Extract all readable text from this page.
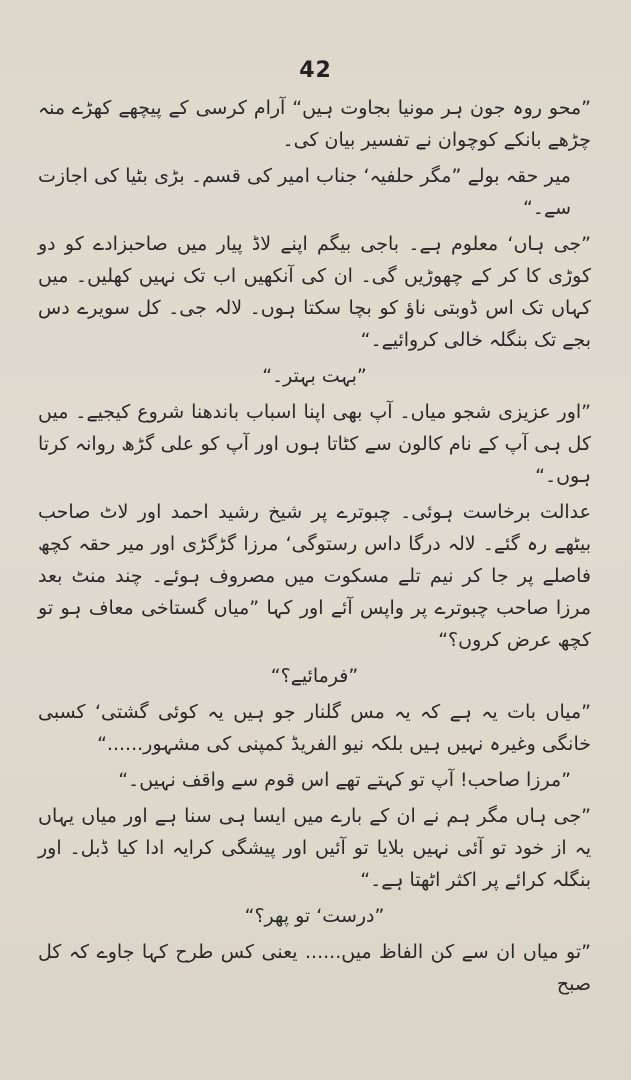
42

”محو روہ جون ہر مونیا بجاوت ہیں“ آرام کرسی کے پیچھے کھڑے منہ چڑھے بانکے کوچوان نے تفسیر بیان کی۔

میر حقہ بولے ”مگر حلفیہ‘ جناب امیر کی قسم۔ بڑی بٹیا کی اجازت سے۔“

”جی ہاں‘ معلوم ہے۔ باجی بیگم اپنے لاڈ پیار میں صاحبزادے کو دو کوڑی کا کر کے چھوڑیں گی۔ ان کی آنکھیں اب تک نہیں کھلیں۔ میں کہاں تک اس ڈوبتی ناؤ کو بچا سکتا ہوں۔ لالہ جی۔ کل سویرے دس بجے تک بنگلہ خالی کروائیے۔“

”بہت بہتر۔“

”اور عزیزی شجو میاں۔ آپ بھی اپنا اسباب باندھنا شروع کیجیے۔ میں کل ہی آپ کے نام کالون سے کٹاتا ہوں اور آپ کو علی گڑھ روانہ کرتا ہوں۔“

عدالت برخاست ہوئی۔ چبوترے پر شیخ رشید احمد اور لاٹ صاحب بیٹھے رہ گئے۔ لالہ درگا داس رستوگی‘ مرزا گڑگڑی اور میر حقہ کچھ فاصلے پر جا کر نیم تلے مسکوت میں مصروف ہوئے۔ چند منٹ بعد مرزا صاحب چبوترے پر واپس آئے اور کہا ”میاں گستاخی معاف ہو تو کچھ عرض کروں؟“

”فرمائیے؟“

”میاں بات یہ ہے کہ یہ مس گلنار جو ہیں یہ کوئی گشتی‘ کسبی خانگی وغیرہ نہیں ہیں بلکہ نیو الفریڈ کمپنی کی مشہور......“

”مرزا صاحب! آپ تو کہتے تھے اس قوم سے واقف نہیں۔“

”جی ہاں مگر ہم نے ان کے بارے میں ایسا ہی سنا ہے اور میاں یہاں یہ از خود تو آئی نہیں بلایا تو آئیں اور پیشگی کرایہ ادا کیا ڈبل۔ اور بنگلہ کرائے پر اکثر اٹھتا ہے۔“

”درست‘ تو پھر؟“

”تو میاں ان سے کن الفاظ میں...... یعنی کس طرح کہا جاوے کہ کل صبح
